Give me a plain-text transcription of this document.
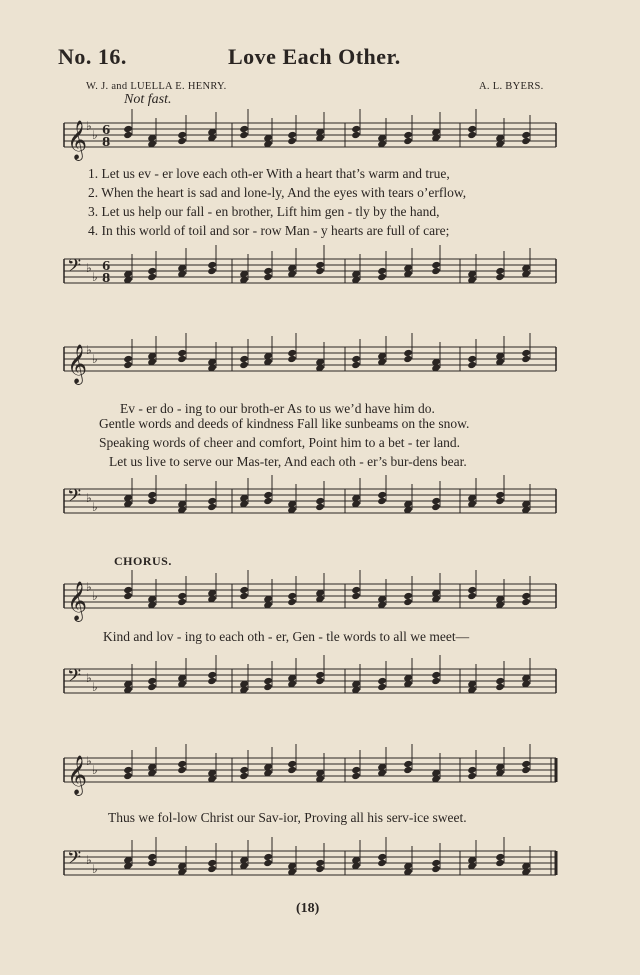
No. 16.	Love Each Other.
W. J. and LUELLA E. HENRY.	A. L. BYERS.
Not fast.
𝄞
♭
♭ 6
8
1. Let us ev - er love each oth-er With a heart that’s warm and true,
2. When the heart is sad and lone-ly, And the eyes with tears o’erflow,
3. Let us help our fall - en brother, Lift him gen - tly by the hand,
4. In this world of toil and sor - row Man - y hearts are full of care;
𝄢 ♭
♭
6
8
𝄞
♭
♭
Ev - er do - ing to our broth-er As to us we’d have him do.
Gentle words and deeds of kindness Fall like sunbeams on the snow.
Speaking words of cheer and comfort, Point him to a bet - ter land.
Let us live to serve our Mas-ter, And each oth - er’s bur-dens bear.
𝄢 ♭
♭
CHORUS.
𝄞
♭
♭
Kind and lov - ing to each oth - er, Gen - tle words to all we meet—
𝄢 ♭
♭
𝄞
♭
♭
Thus we fol-low Christ our Sav-ior, Proving all his serv-ice sweet.
𝄢 ♭
♭
(18)
